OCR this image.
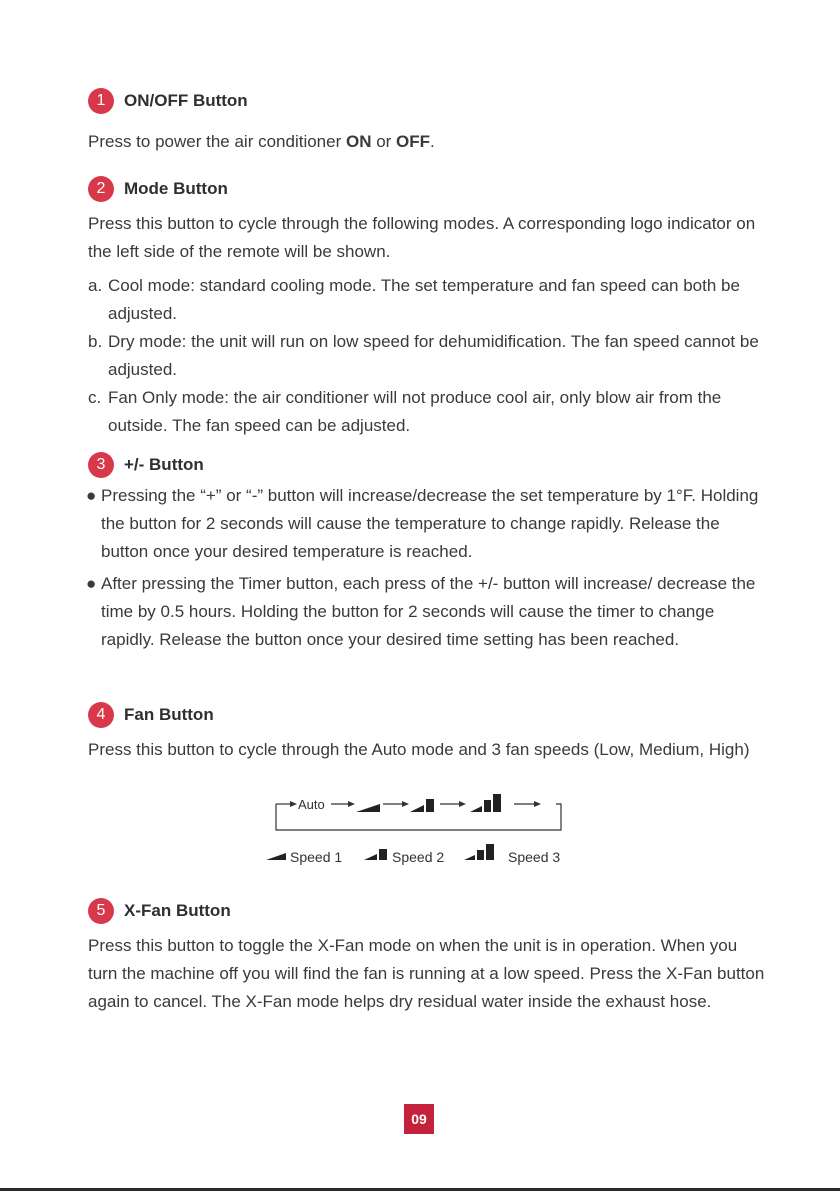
1	ON/OFF Button

Press to power the air conditioner ON or OFF.

2	Mode Button

Press this button to cycle through the following modes. A corresponding logo indicator on the left side of the remote will be shown.

a. Cool mode: standard cooling mode. The set temperature and fan speed can both be adjusted.
b. Dry mode: the unit will run on low speed for dehumidification. The fan speed cannot be adjusted.
c. Fan Only mode: the air conditioner will not produce cool air, only blow air from the outside. The fan speed can be adjusted.
3	+/- Button
● Pressing the “+” or “-” button will increase/decrease the set temperature by 1°F. Holding the button for 2 seconds will cause the temperature to change rapidly. Release the button once your desired temperature is reached.
● After pressing the Timer button, each press of the +/- button will increase/ decrease the time by 0.5 hours. Holding the button for 2 seconds will cause the timer to change rapidly. Release the button once your desired time setting has been reached.
4	Fan Button

Press this button to cycle through the Auto mode and 3 fan speeds (Low, Medium, High)

Auto
Speed 1	Speed 2	Speed 3
5	X-Fan Button

Press this button to toggle the X-Fan mode on when the unit is in operation. When you turn the machine off you will find the fan is running at a low speed. Press the X-Fan button again to cancel. The X-Fan mode helps dry residual water inside the exhaust hose.

09
